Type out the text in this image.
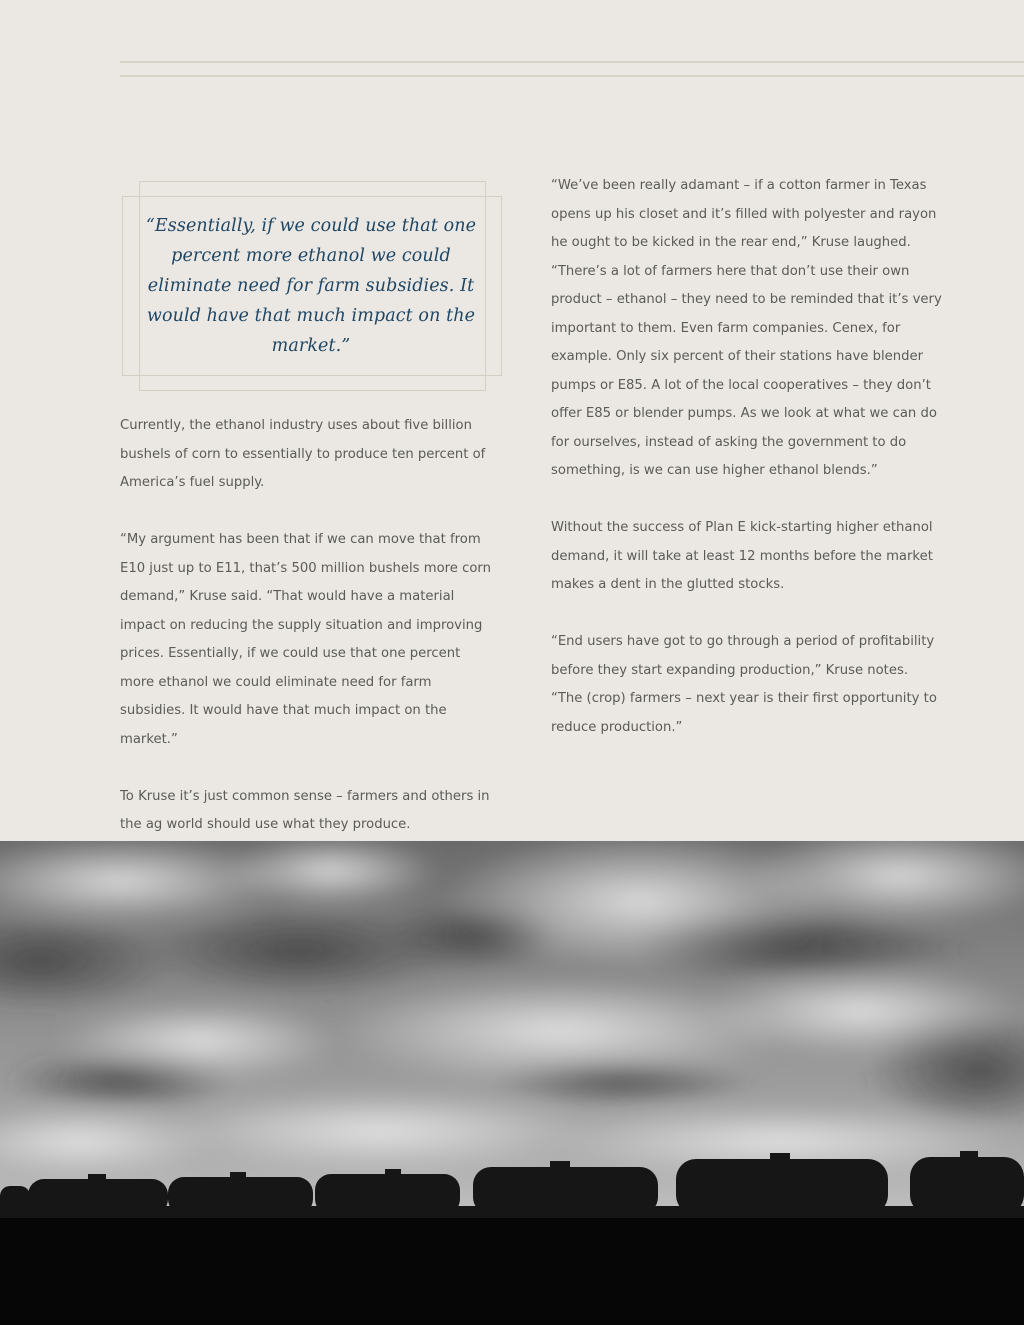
“Essentially, if we could use that one percent more ethanol we could eliminate need for farm subsidies. It would have that much impact on the market.”

Currently, the ethanol industry uses about five billion bushels of corn to essentially to produce ten percent of America’s fuel supply.

“My argument has been that if we can move that from E10 just up to E11, that’s 500 million bushels more corn demand,” Kruse said. “That would have a material impact on reducing the supply situation and improving prices. Essentially, if we could use that one percent more ethanol we could eliminate need for farm subsidies. It would have that much impact on the market.”

To Kruse it’s just common sense – farmers and others in the ag world should use what they produce.

“We’ve been really adamant – if a cotton farmer in Texas opens up his closet and it’s filled with polyester and rayon he ought to be kicked in the rear end,” Kruse laughed. “There’s a lot of farmers here that don’t use their own product – ethanol – they need to be reminded that it’s very important to them. Even farm companies. Cenex, for example. Only six percent of their stations have blender pumps or E85. A lot of the local cooperatives – they don’t offer E85 or blender pumps. As we look at what we can do for ourselves, instead of asking the government to do something, is we can use higher ethanol blends.”

Without the success of Plan E kick-starting higher ethanol demand, it will take at least 12 months before the market makes a dent in the glutted stocks.

“End users have got to go through a period of profitability before they start expanding production,” Kruse notes. “The (crop) farmers – next year is their first opportunity to reduce production.”
